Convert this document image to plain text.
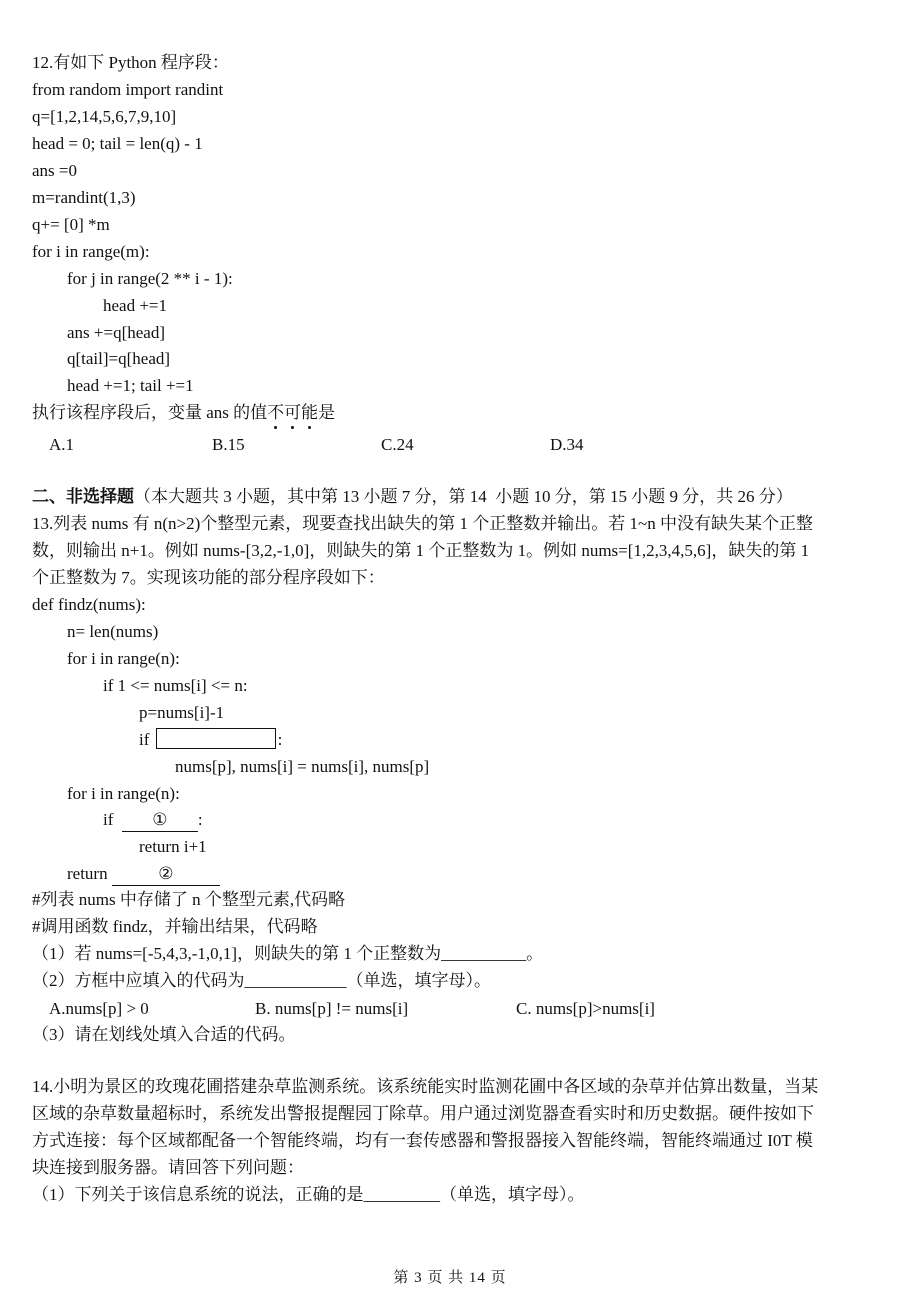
12.有如下 Python 程序段：
from random import randint
q=[1,2,14,5,6,7,9,10]
head = 0; tail = len(q) - 1
ans =0
m=randint(1,3)
q+= [0] *m
for i in range(m):
for j in range(2 ** i - 1):
head +=1
ans +=q[head]
q[tail]=q[head]
head +=1; tail +=1
执行该程序段后，变量 ans 的值不可能
是
A.1	B.15	C.24	D.34
二、非选择题（本大题共 3 小题，其中第 13 小题 7 分，第 14  小题 10 分，第 15 小题 9 分，共 26 分）
13.列表 nums 有 n(n>2)个整型元素，现要查找出缺失的第 1 个正整数并输出。若 1~n 中没有缺失某个正整
数，则输出 n+1。例如 nums-[3,2,-1,0]，则缺失的第 1 个正整数为 1。例如 nums=[1,2,3,4,5,6]，缺失的第 1
个正整数为 7。实现该功能的部分程序段如下：
def findz(nums):
n= len(nums)
for i in range(n):
if 1 <= nums[i] <= n:
p=nums[i]-1
if	:
nums[p], nums[i] = nums[i], nums[p]
for i in range(n):
if  ① :
return i+1
return	②
#列表 nums 中存储了 n 个整型元素,代码略
#调用函数 findz，并输出结果，代码略
（1）若 nums=[-5,4,3,-1,0,1]，则缺失的第 1 个正整数为__________。
（2）方框中应填入的代码为____________（单选，填字母）。
A.nums[p] > 0	B. nums[p] != nums[i]	C. nums[p]>nums[i]
（3）请在划线处填入合适的代码。
14.小明为景区的玫瑰花圃搭建杂草监测系统。该系统能实时监测花圃中各区域的杂草并估算出数量，当某
区域的杂草数量超标时，系统发出警报提醒园丁除草。用户通过浏览器查看实时和历史数据。硬件按如下
方式连接：每个区域都配备一个智能终端，均有一套传感器和警报器接入智能终端，智能终端通过 I0T 模
块连接到服务器。请回答下列问题：
（1）下列关于该信息系统的说法，正确的是_________（单选，填字母）。
第 3 页 共 14 页
